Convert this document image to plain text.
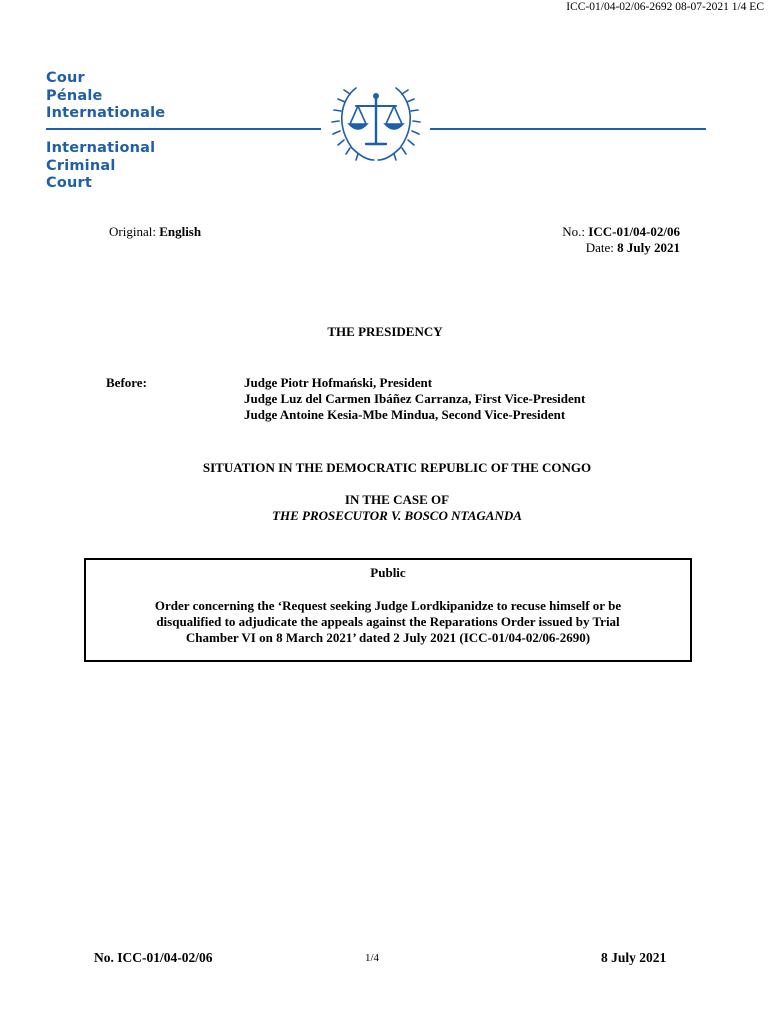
ICC-01/04-02/06-2692 08-07-2021 1/4 EC
Cour
Pénale
Internationale
International
Criminal
Court
Original: English	No.: ICC-01/04-02/06
Date: 8 July 2021
THE PRESIDENCY
Before:	Judge Piotr Hofmański, President
Judge Luz del Carmen Ibáñez Carranza, First Vice-President
Judge Antoine Kesia-Mbe Mindua, Second Vice-President
SITUATION IN THE DEMOCRATIC REPUBLIC OF THE CONGO
IN THE CASE OF
THE PROSECUTOR V. BOSCO NTAGANDA
Public
Order concerning the ‘Request seeking Judge Lordkipanidze to recuse himself or be
disqualified to adjudicate the appeals against the Reparations Order issued by Trial
Chamber VI on 8 March 2021’ dated 2 July 2021 (ICC-01/04-02/06-2690)
No. ICC-01/04-02/06	1/4	8 July 2021
